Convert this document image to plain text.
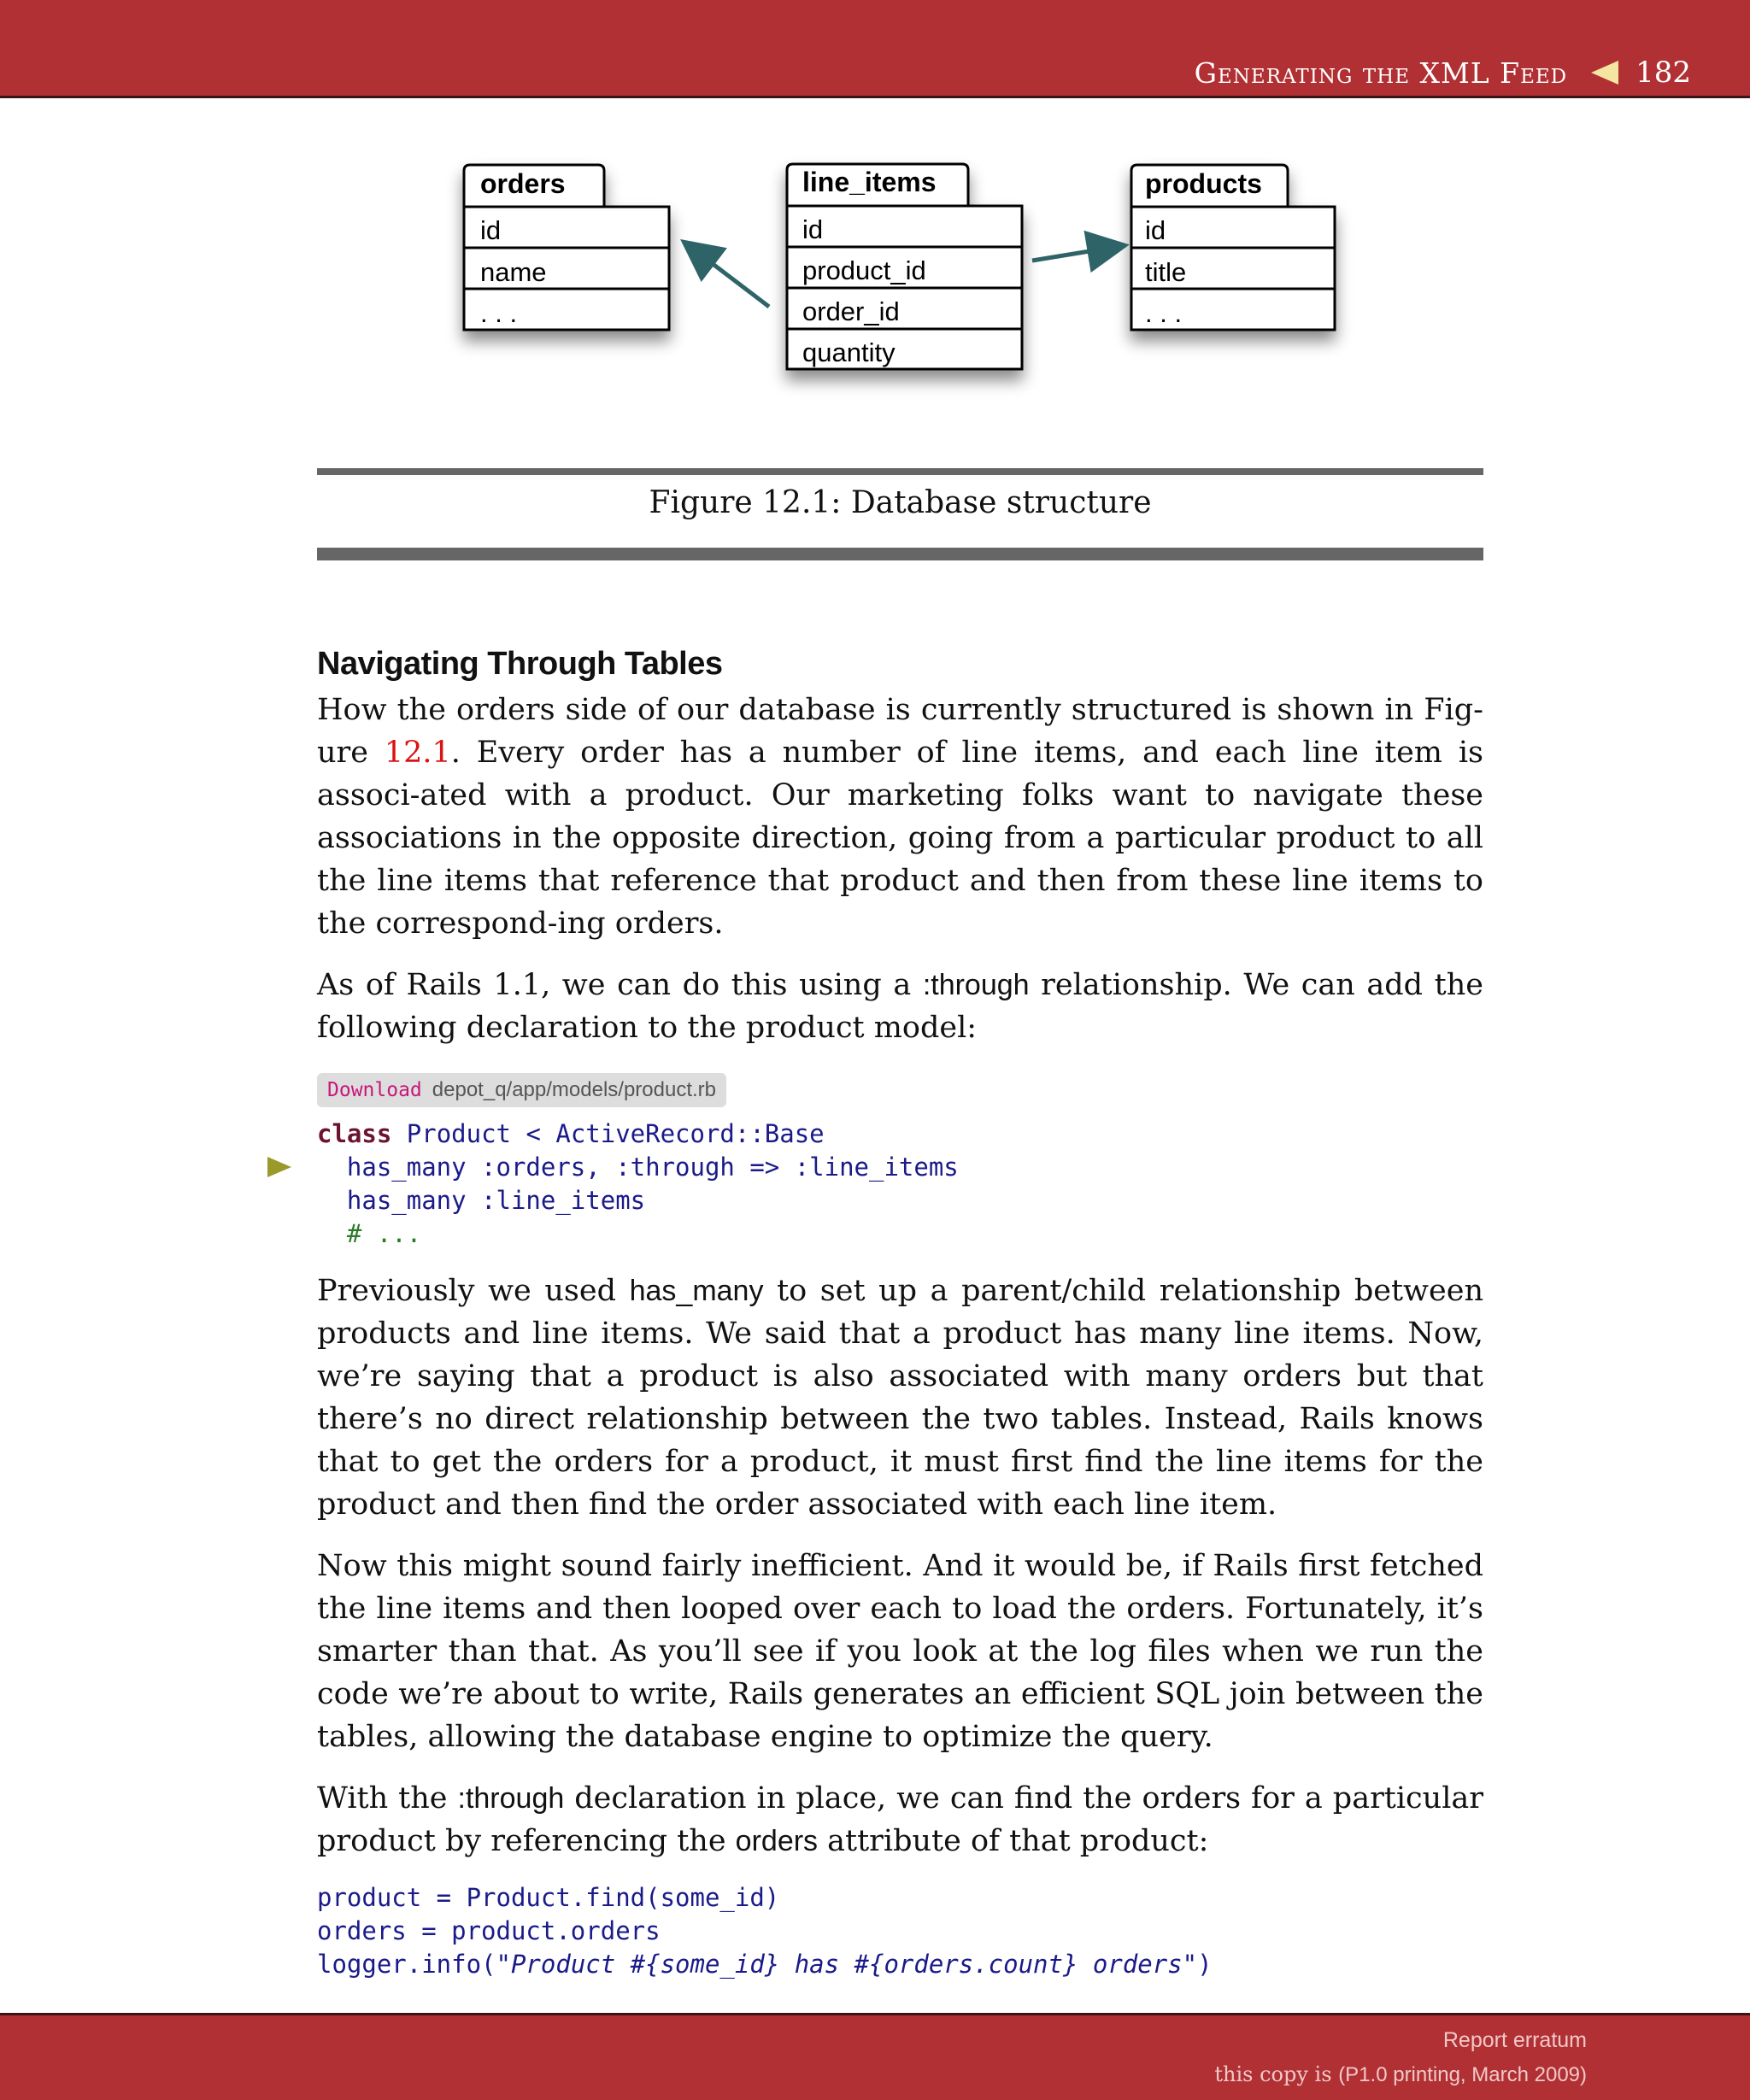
Generating the XML Feed 182
orders
id
name
. . .
line_items
id
product_id
order_id
quantity
products
id
title
. . .
Figure 12.1: Database structure
Navigating Through Tables

How the orders side of our database is currently structured is shown in Fig-ure 12.1. Every order has a number of line items, and each line item is associ-ated with a product. Our marketing folks want to navigate these associations in the opposite direction, going from a particular product to all the line items that reference that product and then from these line items to the correspond-ing orders.

As of Rails 1.1, we can do this using a :through relationship. We can add the following declaration to the product model:

Download depot_q/app/models/product.rb
class Product < ActiveRecord::Base

has_many :orders, :through => :line_items
has_many :line_items
# ...

Previously we used has_many to set up a parent/child relationship between products and line items. We said that a product has many line items. Now, we’re saying that a product is also associated with many orders but that there’s no direct relationship between the two tables. Instead, Rails knows that to get the orders for a product, it must first find the line items for the product and then find the order associated with each line item.

Now this might sound fairly inefficient. And it would be, if Rails first fetched the line items and then looped over each to load the orders. Fortunately, it’s smarter than that. As you’ll see if you look at the log files when we run the code we’re about to write, Rails generates an efficient SQL join between the tables, allowing the database engine to optimize the query.

With the :through declaration in place, we can find the orders for a particular product by referencing the orders attribute of that product:

product = Product.find(some_id)
orders = product.orders
logger.info("Product #{some_id} has #{orders.count} orders")
Report erratum
this copy is (P1.0 printing, March 2009)
